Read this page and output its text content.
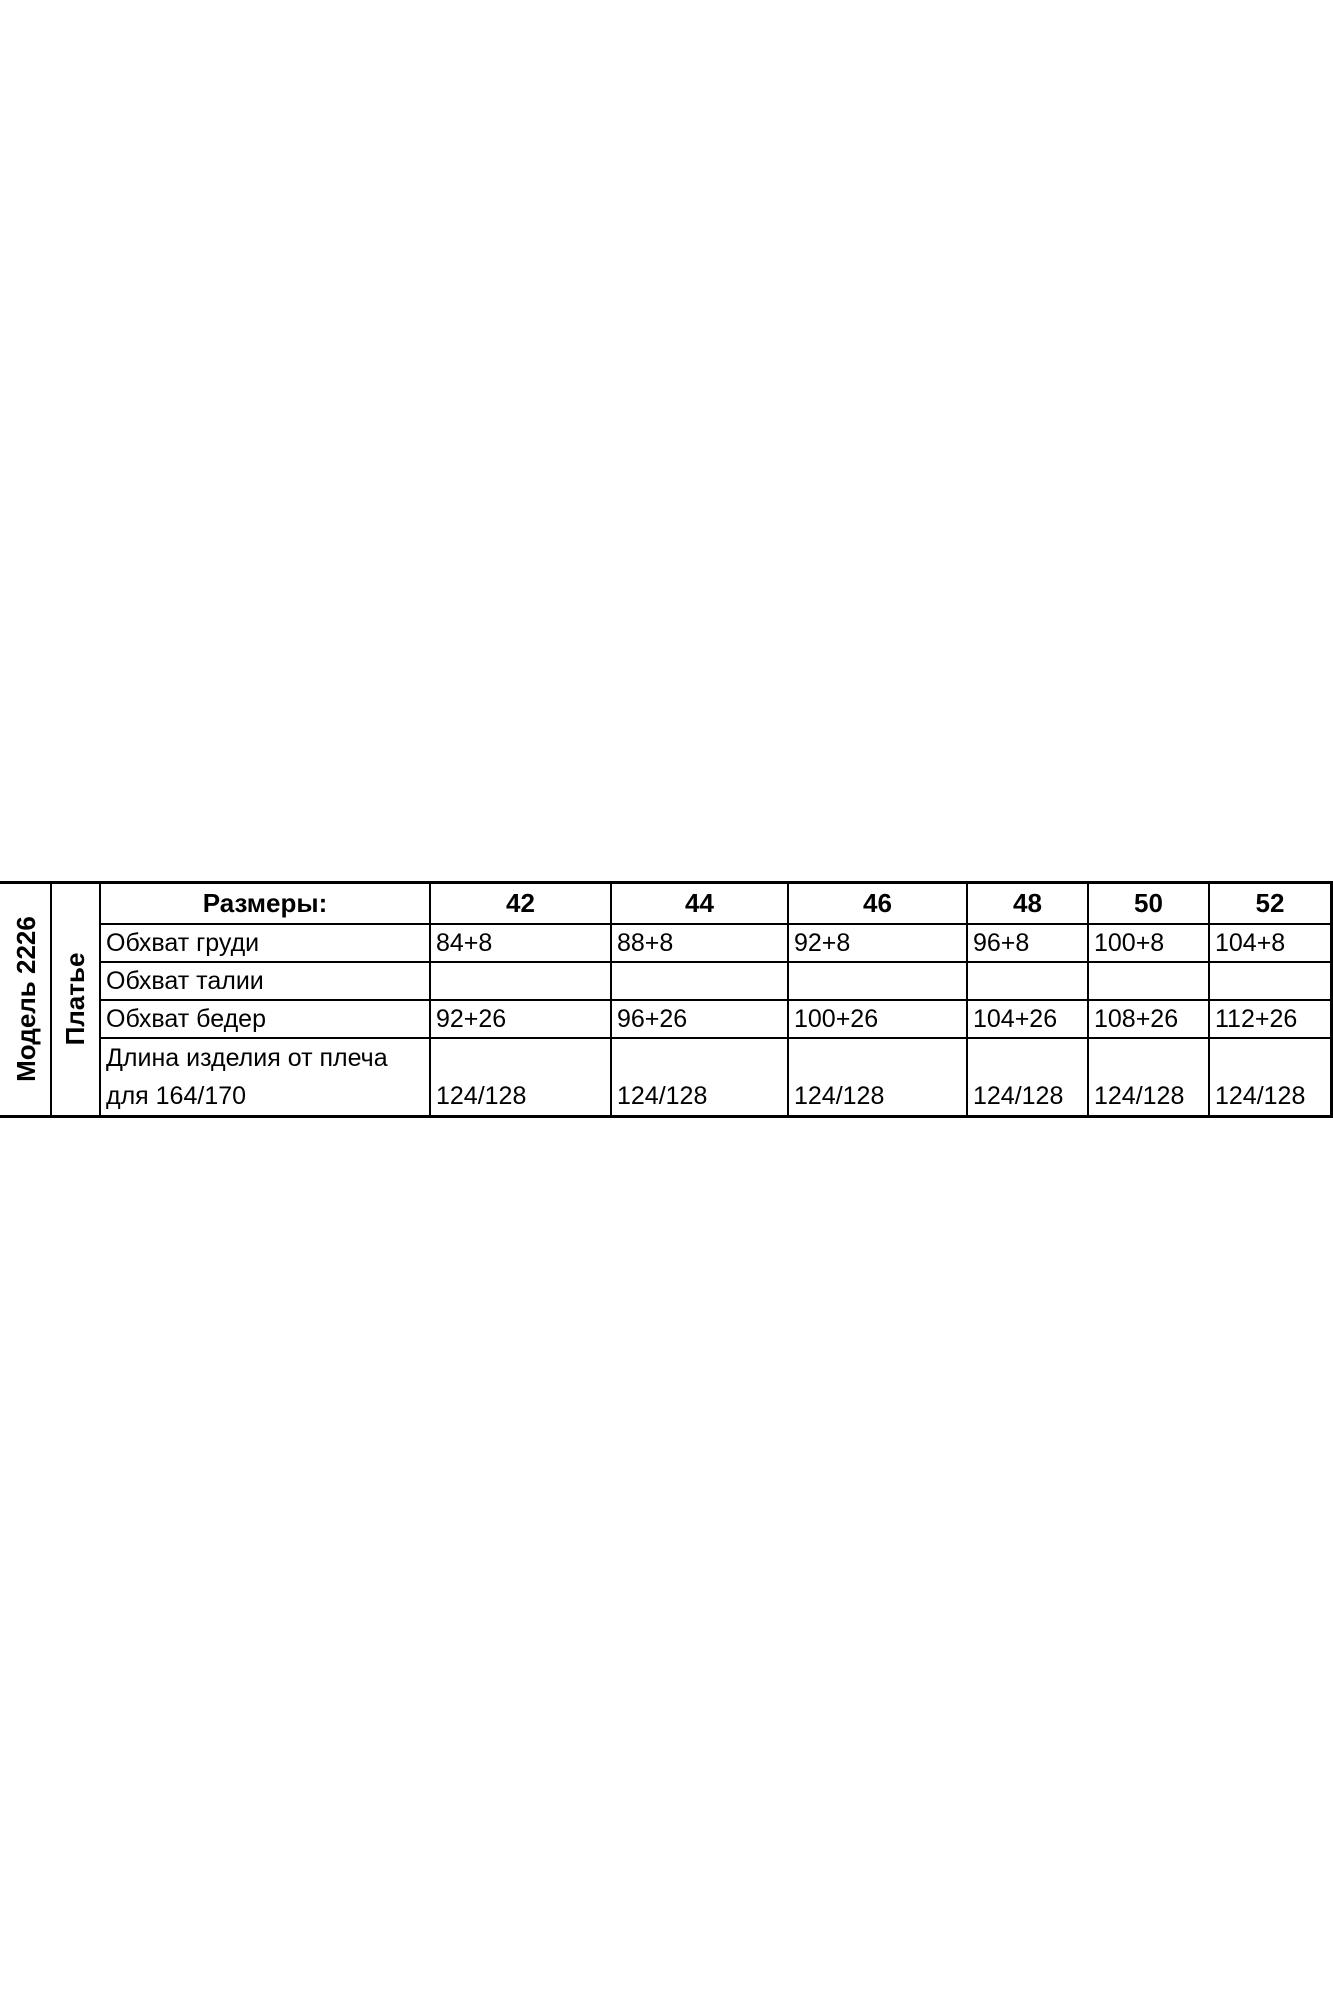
Модель 2226 Платье
Размеры:	42	44	46	48	50	52
Обхват груди	84+8	88+8	92+8	96+8	100+8	104+8
Обхват талии
Обхват бедер	92+26	96+26	100+26	104+26	108+26	112+26
Длина изделия от плеча
для 164/170	124/128	124/128	124/128	124/128	124/128	124/128
